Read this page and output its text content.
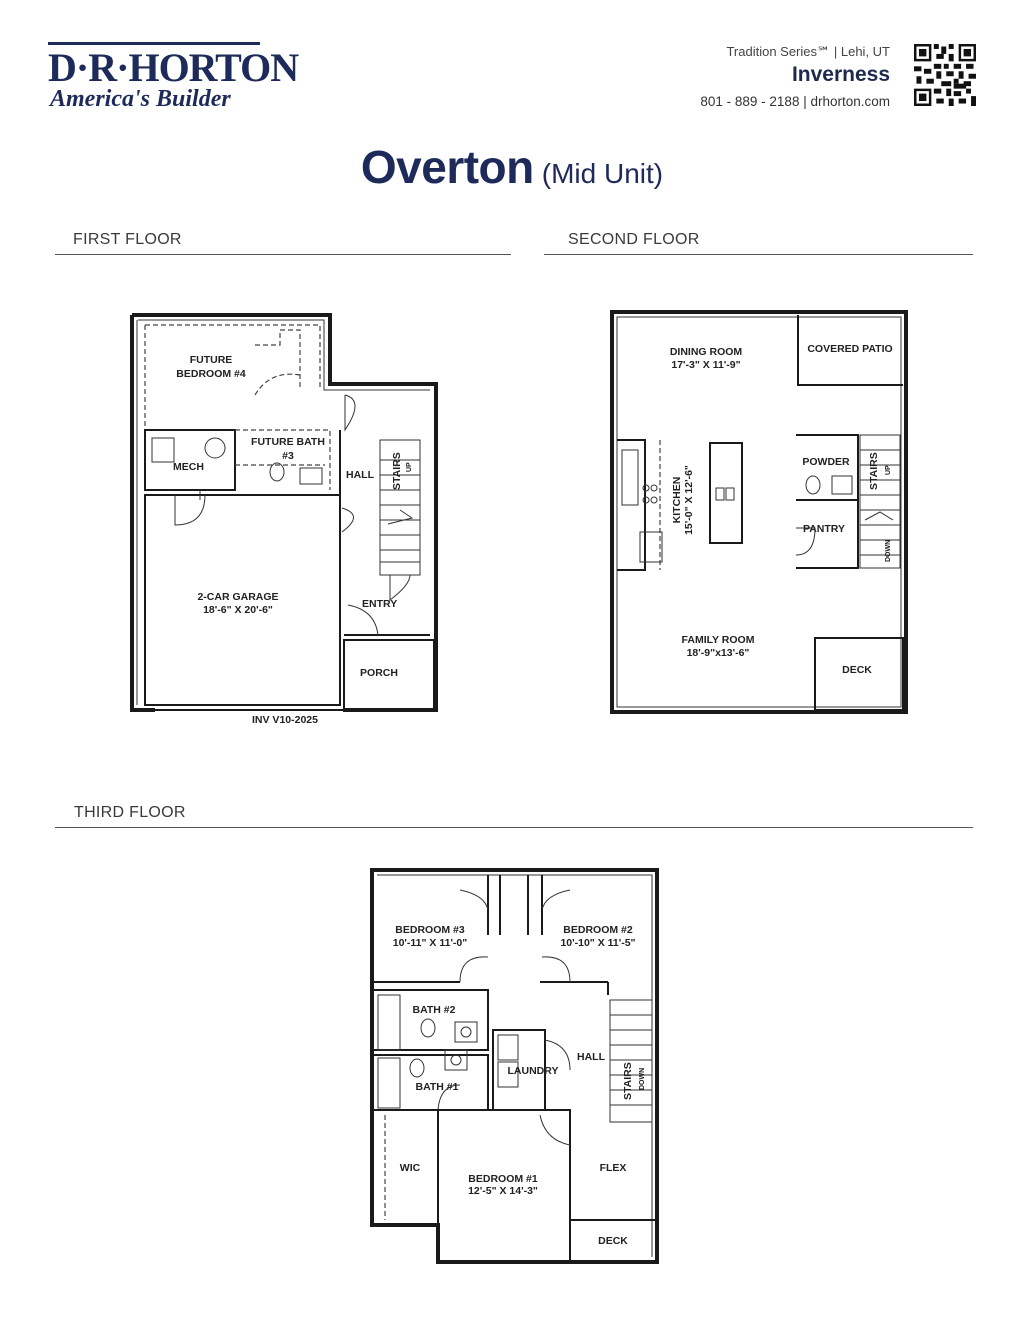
D·R·HORTON
America's Builder
Tradition Series℠ | Lehi, UT
Inverness
801 - 889 - 2188 | drhorton.com
Overton (Mid Unit)
FIRST FLOOR	SECOND FLOOR
THIRD FLOOR
FUTURE
BEDROOM #4
MECH
FUTURE BATH
#3
HALL STAIRS UP
2-CAR GARAGE
18'-6" X 20'-6"	ENTRY
PORCH
INV V10-2025
DINING ROOM
17'-3" X 11'-9"
COVERED PATIO
KITCHEN 15'-0" X 12'-6"
POWDER
PANTRY
STAIRS UP
DOWN
FAMILY ROOM
18'-9"x13'-6"
DECK
BEDROOM #3
10'-11" X 11'-0"
BEDROOM #2
10'-10" X 11'-5"
BATH #2
BATH #1
LAUNDRY
HALL
STAIRS DOWN
WIC
BEDROOM #1
12'-5" X 14'-3"
FLEX
DECK
